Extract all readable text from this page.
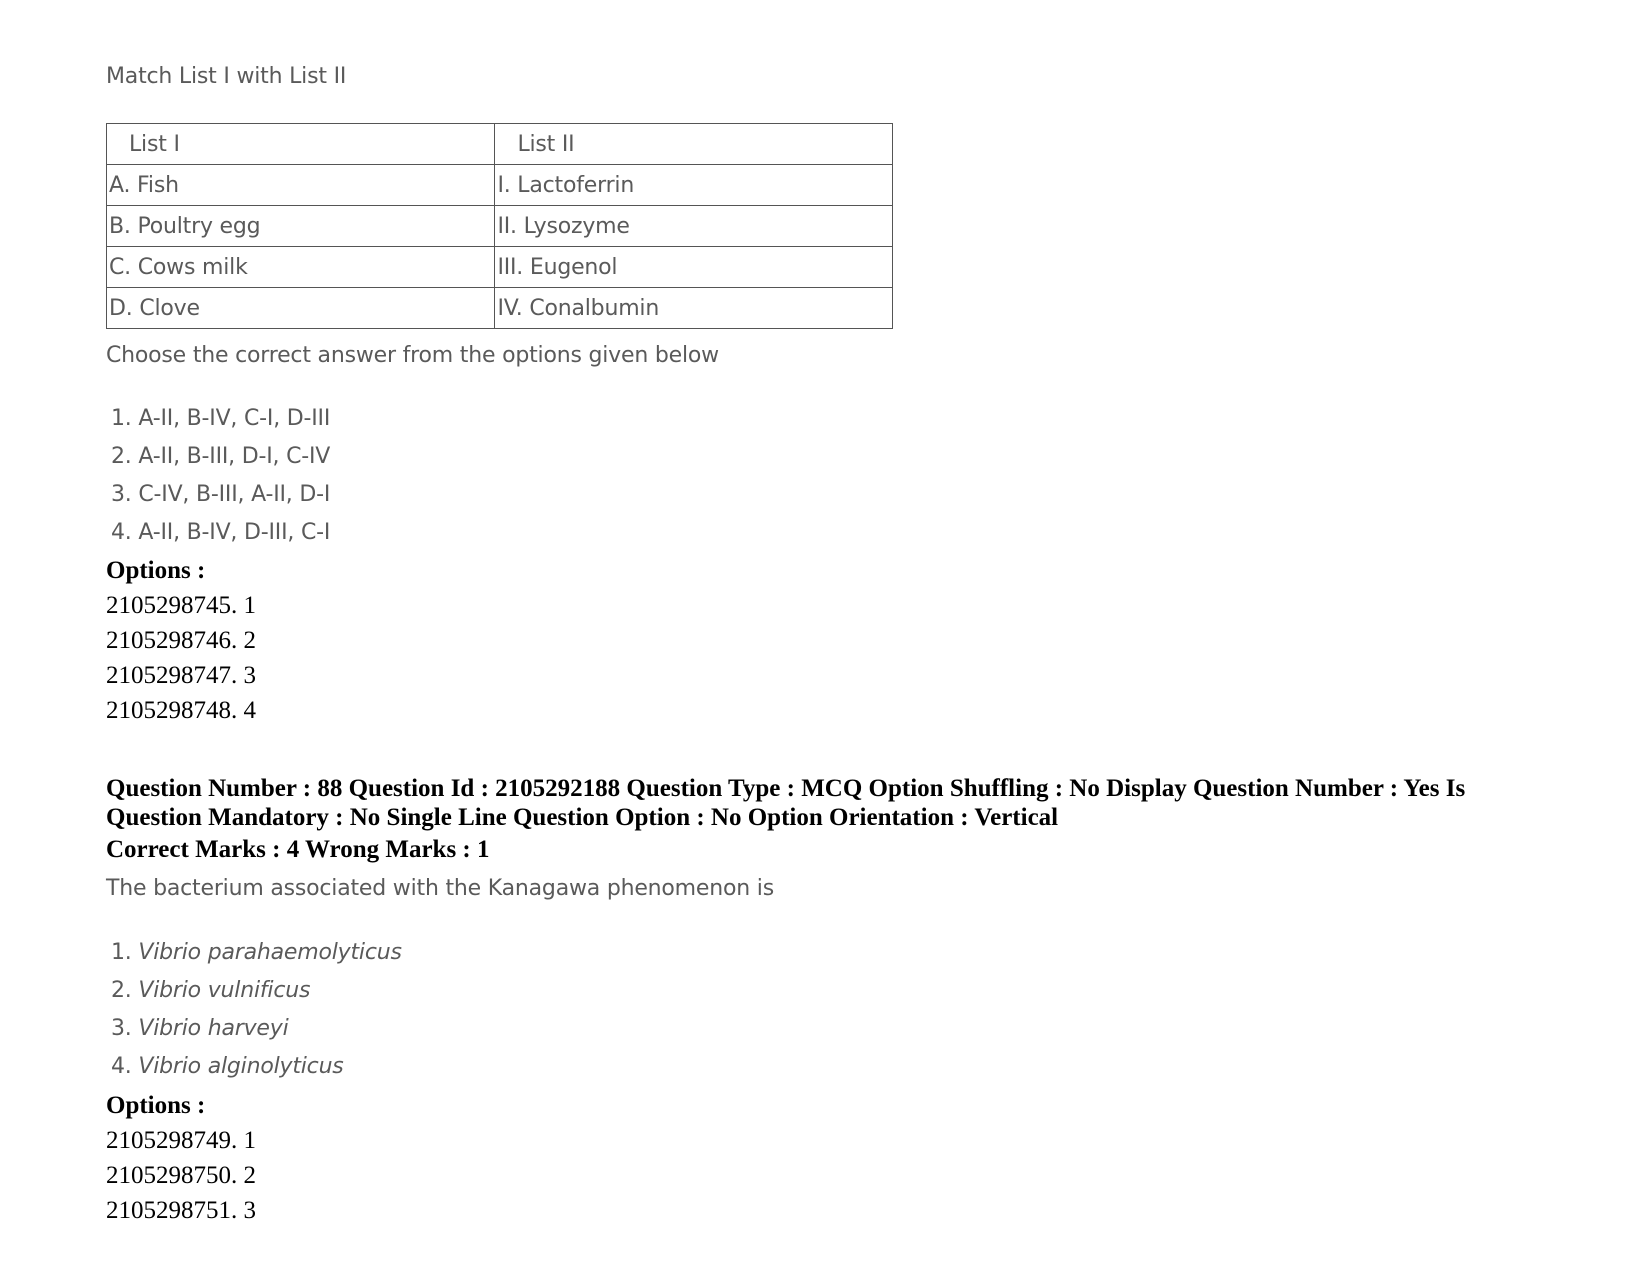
Match List I with List II
List I	List II
A. Fish	I. Lactoferrin
B. Poultry egg	II. Lysozyme
C. Cows milk	III. Eugenol
D. Clove	IV. Conalbumin
Choose the correct answer from the options given below
1. A-II, B-IV, C-I, D-III
2. A-II, B-III, D-I, C-IV
3. C-IV, B-III, A-II, D-I
4. A-II, B-IV, D-III, C-I
Options :
2105298745. 1
2105298746. 2
2105298747. 3
2105298748. 4
Question Number : 88 Question Id : 2105292188 Question Type : MCQ Option Shuffling : No Display Question Number : Yes Is
Question Mandatory : No Single Line Question Option : No Option Orientation : Vertical
Correct Marks : 4 Wrong Marks : 1
The bacterium associated with the Kanagawa phenomenon is
1. Vibrio parahaemolyticus
2. Vibrio vulnificus
3. Vibrio harveyi
4. Vibrio alginolyticus
Options :
2105298749. 1
2105298750. 2
2105298751. 3
